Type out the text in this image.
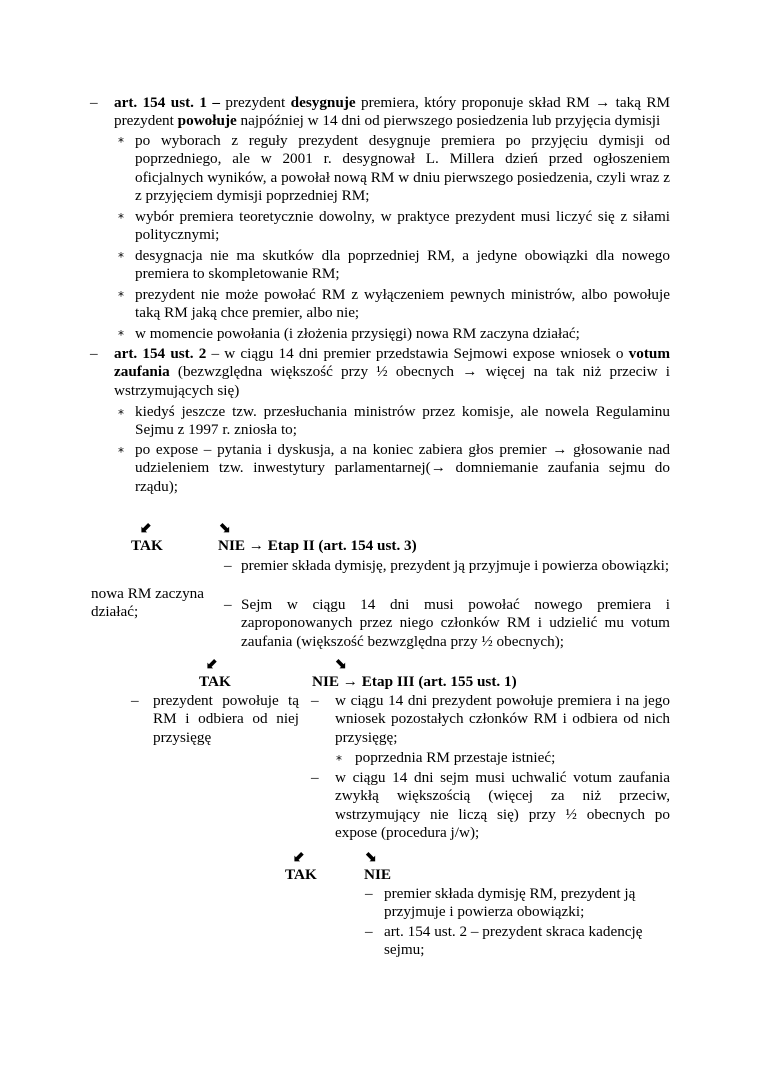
– art. 154 ust. 1 – prezydent desygnuje premiera, który proponuje skład RM → taką RM prezydent powołuje najpóźniej w 14 dni od pierwszego posiedzenia lub przyjęcia dymisji
* po wyborach z reguły prezydent desygnuje premiera po przyjęciu dymisji od poprzedniego, ale w 2001 r. desygnował L. Millera dzień przed ogłoszeniem oficjalnych wyników, a powołał nową RM w dniu pierwszego posiedzenia, czyli wraz z
z przyjęciem dymisji poprzedniej RM;
* wybór premiera teoretycznie dowolny, w praktyce prezydent musi liczyć się z siłami politycznymi;
* desygnacja nie ma skutków dla poprzedniej RM, a jedyne obowiązki dla nowego premiera to skompletowanie RM;
* prezydent nie może powołać RM z wyłączeniem pewnych ministrów, albo powołuje taką RM jaką chce premier, albo nie;
* w momencie powołania (i złożenia przysięgi) nowa RM zaczyna działać;
– art. 154 ust. 2 – w ciągu 14 dni premier przedstawia Sejmowi expose wniosek o votum zaufania (bezwzględna większość przy ½ obecnych → więcej na tak niż przeciw i wstrzymujących się)
* kiedyś jeszcze tzw. przesłuchania ministrów przez komisje, ale nowela Regulaminu Sejmu z 1997 r. zniosła to;
* po expose – pytania i dyskusja, a na koniec zabiera głos premier → głosowanie nad udzieleniem tzw. inwestytury parlamentarnej(→ domniemanie zaufania sejmu do rządu);
⬋	⬊
TAK	NIE → Etap II (art. 154 ust. 3)
nowa RM zaczyna działać;
– premier składa dymisję, prezydent ją przyjmuje i powierza obowiązki;
– Sejm w ciągu 14 dni musi powołać nowego premiera i zaproponowanych przez niego członków RM i udzielić mu votum zaufania (większość bezwzględna przy ½ obecnych);
⬋	⬊
TAK	NIE → Etap III (art. 155 ust. 1)
– prezydent powołuje tą RM i odbiera od niej przysięgę
– w ciągu 14 dni prezydent powołuje premiera i na jego wniosek pozostałych członków RM i odbiera od nich przysięgę;
* poprzednia RM przestaje istnieć;
– w ciągu 14 dni sejm musi uchwalić votum zaufania zwykłą większością (więcej za niż przeciw, wstrzymujący nie liczą się) przy ½ obecnych po expose (procedura j/w);
⬋	⬊
TAK	NIE
– premier składa dymisję RM, prezydent ją przyjmuje i powierza obowiązki;
– art. 154 ust. 2 – prezydent skraca kadencję sejmu;
